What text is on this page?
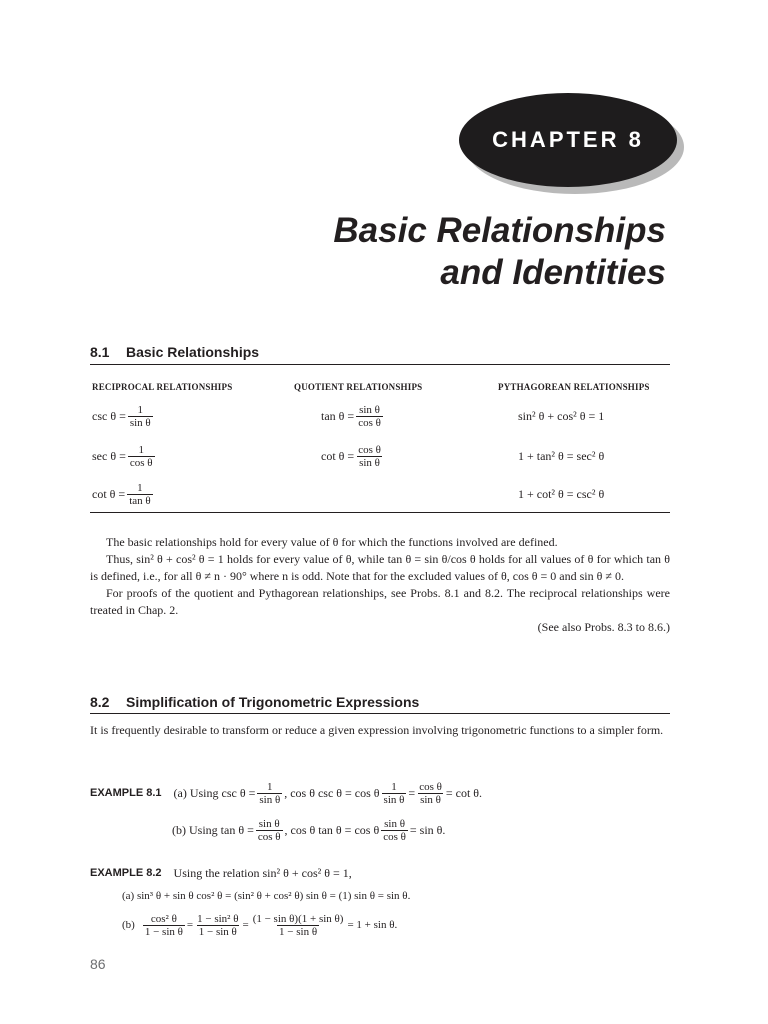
CHAPTER 8
Basic Relationships
and Identities
8.1 Basic Relationships
RECIPROCAL RELATIONSHIPS	QUOTIENT RELATIONSHIPS	PYTHAGOREAN RELATIONSHIPS
$\csc \theta = \frac{1}{\text{sin θ}}$
$\sec \theta = \frac{1}{\text{cos θ}}$
$\cot \theta = \frac{1}{\text{tan θ}}$
$\tan \theta = \frac{\text{sin θ}}{\text{cos θ}}$
$\cot \theta = \frac{\text{cos θ}}{\text{sin θ}}$
sin² θ + cos² θ = 1
1 + tan² θ = sec² θ
1 + cot² θ = csc² θ

The basic relationships hold for every value of θ for which the functions involved are defined.

Thus, sin² θ + cos² θ = 1 holds for every value of θ, while tan θ = sin θ/cos θ holds for all values of θ for which tan θ is defined, i.e., for all θ ≠ n · 90° where n is odd. Note that for the excluded values of θ, cos θ = 0 and sin θ ≠ 0.

For proofs of the quotient and Pythagorean relationships, see Probs. 8.1 and 8.2. The reciprocal relationships were treated in Chap. 2.

(See also Probs. 8.3 to 8.6.)
8.2 Simplification of Trigonometric Expressions
It is frequently desirable to transform or reduce a given expression involving trigonometric functions to a simpler form.
EXAMPLE 8.1 (a) Using $\csc \theta = \frac{1}{\text{sin θ}}$ , cos θ csc θ = cos θ $\frac{1}{\text{sin θ}} = \frac{\text{cos θ}}{\text{sin θ}} = \cot \theta$.
(b) Using $\tan \theta = \frac{\text{sin θ}}{\text{cos θ}}$ , cos θ tan θ = cos θ $\frac{\text{sin θ}}{\text{cos θ}} = \sin \theta$.
EXAMPLE 8.2 Using the relation sin² θ + cos² θ = 1,
(a) sin³ θ + sin θ cos² θ = (sin² θ + cos² θ) sin θ = (1) sin θ = sin θ.
$(b) \frac{\text{cos² θ}}{\text{1 − sin θ}} = \frac{\text{1 − sin² θ}}{\text{1 − sin θ}} = \frac{\text{(1 − sin θ)(1 + sin θ)}}{\text{1 − sin θ}} = 1 + \sin \theta$.
86
